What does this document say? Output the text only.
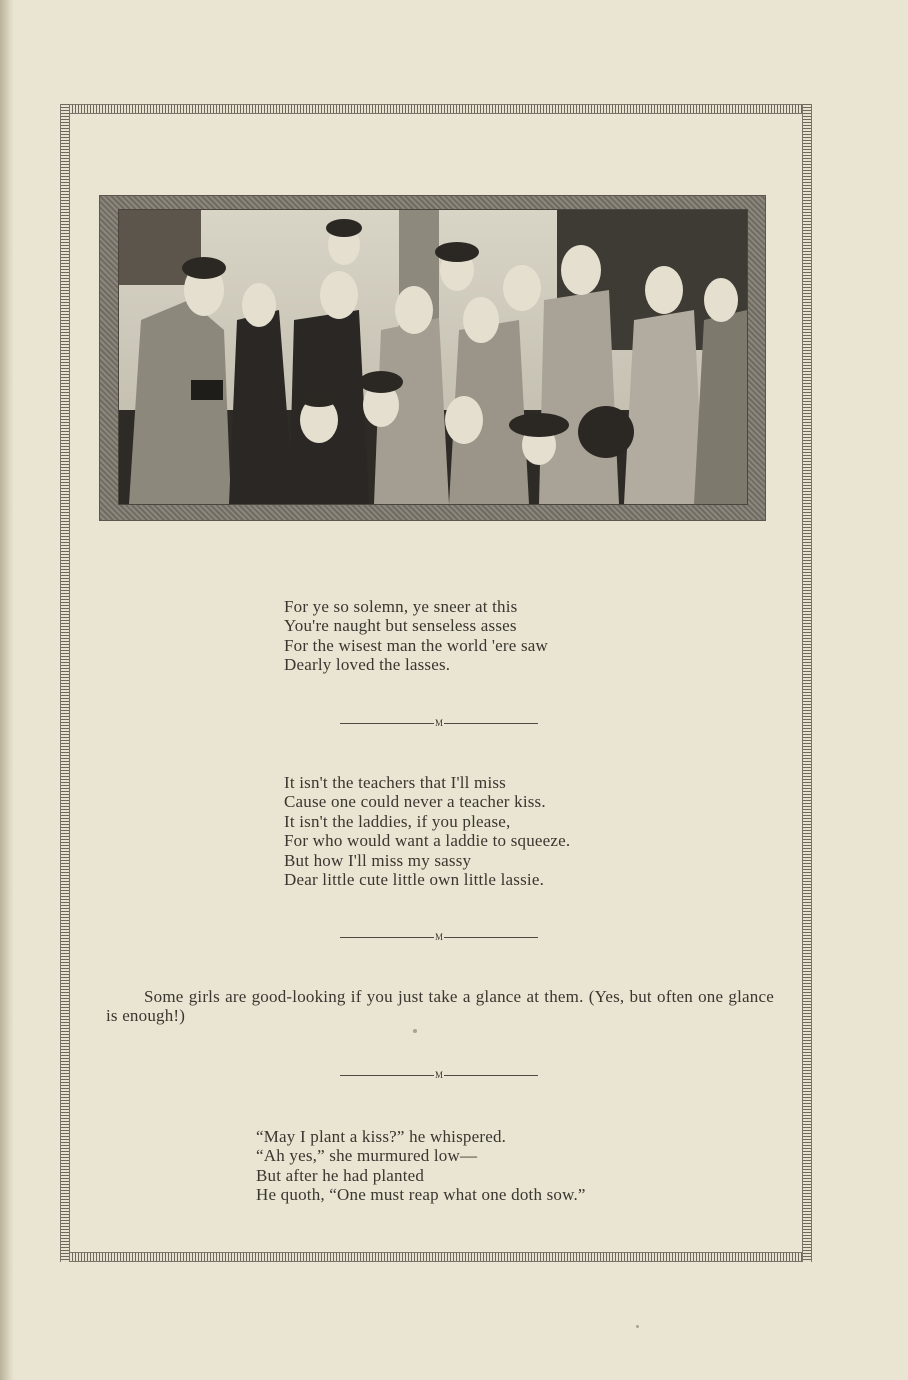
For ye so solemn, ye sneer at this
You're naught but senseless asses
For the wisest man the world 'ere saw
Dearly loved the lasses.
M
It isn't the teachers that I'll miss
Cause one could never a teacher kiss.
It isn't the laddies, if you please,
For who would want a laddie to squeeze.
But how I'll miss my sassy
Dear little cute little own little lassie.
M
Some girls are good-looking if you just take a glance at them. (Yes, but often one glance is enough!)
M
“May I plant a kiss?” he whispered.
“Ah yes,” she murmured low—
But after he had planted
He quoth, “One must reap what one doth sow.”
